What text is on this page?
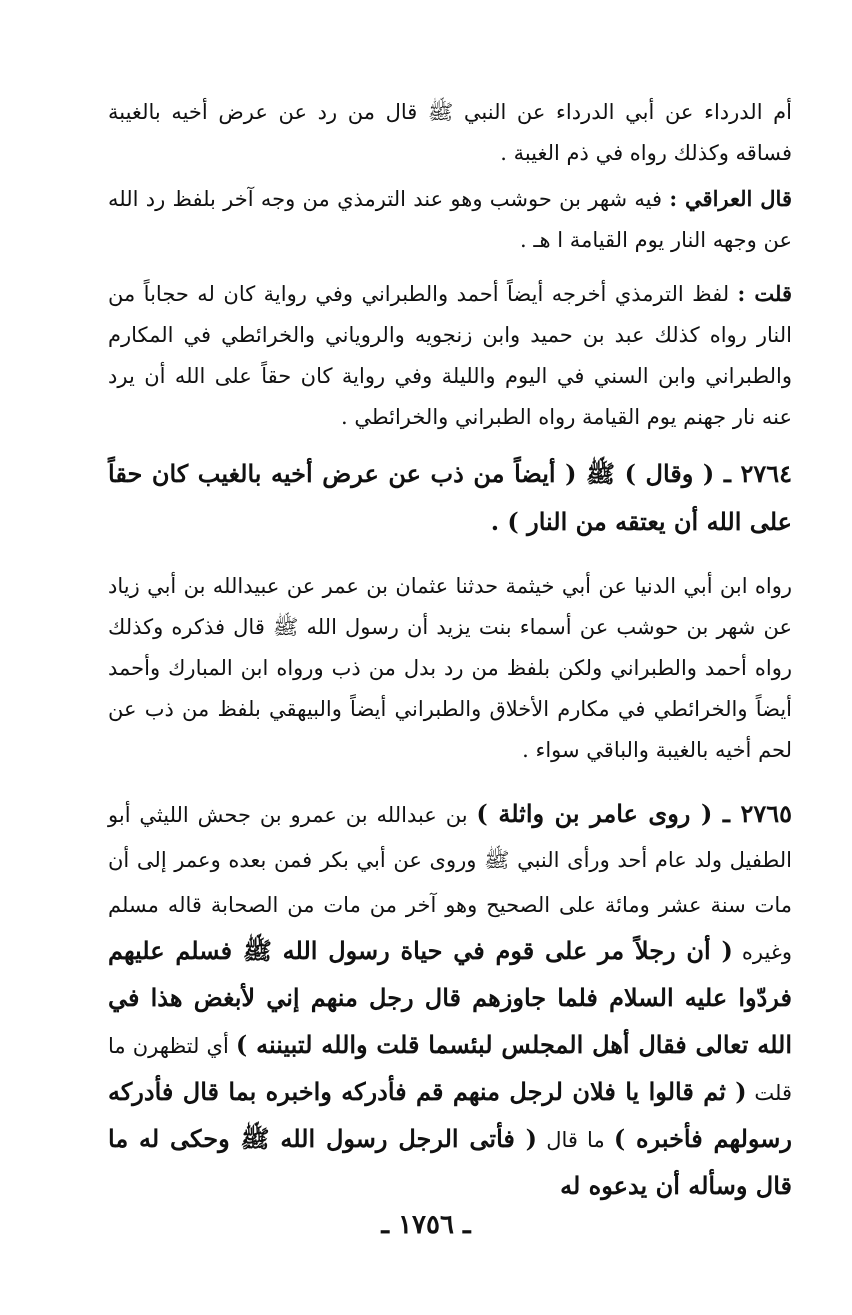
أم الدرداء عن أبي الدرداء عن النبي ﷺ قال من رد عن عرض أخيه بالغيبة فساقه وكذلك رواه في ذم الغيبة .

قال العراقي : فيه شهر بن حوشب وهو عند الترمذي من وجه آخر بلفظ رد الله عن وجهه النار يوم القيامة ا هـ .

قلت : لفظ الترمذي أخرجه أيضاً أحمد والطبراني وفي رواية كان له حجاباً من النار رواه كذلك عبد بن حميد وابن زنجويه والروياني والخرائطي في المكارم والطبراني وابن السني في اليوم والليلة وفي رواية كان حقاً على الله أن يرد عنه نار جهنم يوم القيامة رواه الطبراني والخرائطي .

٢٧٦٤ ـ ( وقال ) ﷺ ( أيضاً من ذب عن عرض أخيه بالغيب كان حقاً على الله أن يعتقه من النار ) .

رواه ابن أبي الدنيا عن أبي خيثمة حدثنا عثمان بن عمر عن عبيدالله بن أبي زياد عن شهر بن حوشب عن أسماء بنت يزيد أن رسول الله ﷺ قال فذكره وكذلك رواه أحمد والطبراني ولكن بلفظ من رد بدل من ذب ورواه ابن المبارك وأحمد أيضاً والخرائطي في مكارم الأخلاق والطبراني أيضاً والبيهقي بلفظ من ذب عن لحم أخيه بالغيبة والباقي سواء .

٢٧٦٥ ـ ( روى عامر بن واثلة ) بن عبدالله بن عمرو بن جحش الليثي أبو الطفيل ولد عام أحد ورأى النبي ﷺ وروى عن أبي بكر فمن بعده وعمر إلى أن مات سنة عشر ومائة على الصحيح وهو آخر من مات من الصحابة قاله مسلم وغيره ( أن رجلاً مر على قوم في حياة رسول الله ﷺ فسلم عليهم فردّوا عليه السلام فلما جاوزهم قال رجل منهم إني لأبغض هذا في الله تعالى فقال أهل المجلس لبئسما قلت والله لتبيننه ) أي لتظهرن ما قلت ( ثم قالوا يا فلان لرجل منهم قم فأدركه واخبره بما قال فأدركه رسولهم فأخبره ) ما قال ( فأتى الرجل رسول الله ﷺ وحكى له ما قال وسأله أن يدعوه له

ـ ١٧٥٦ ـ
